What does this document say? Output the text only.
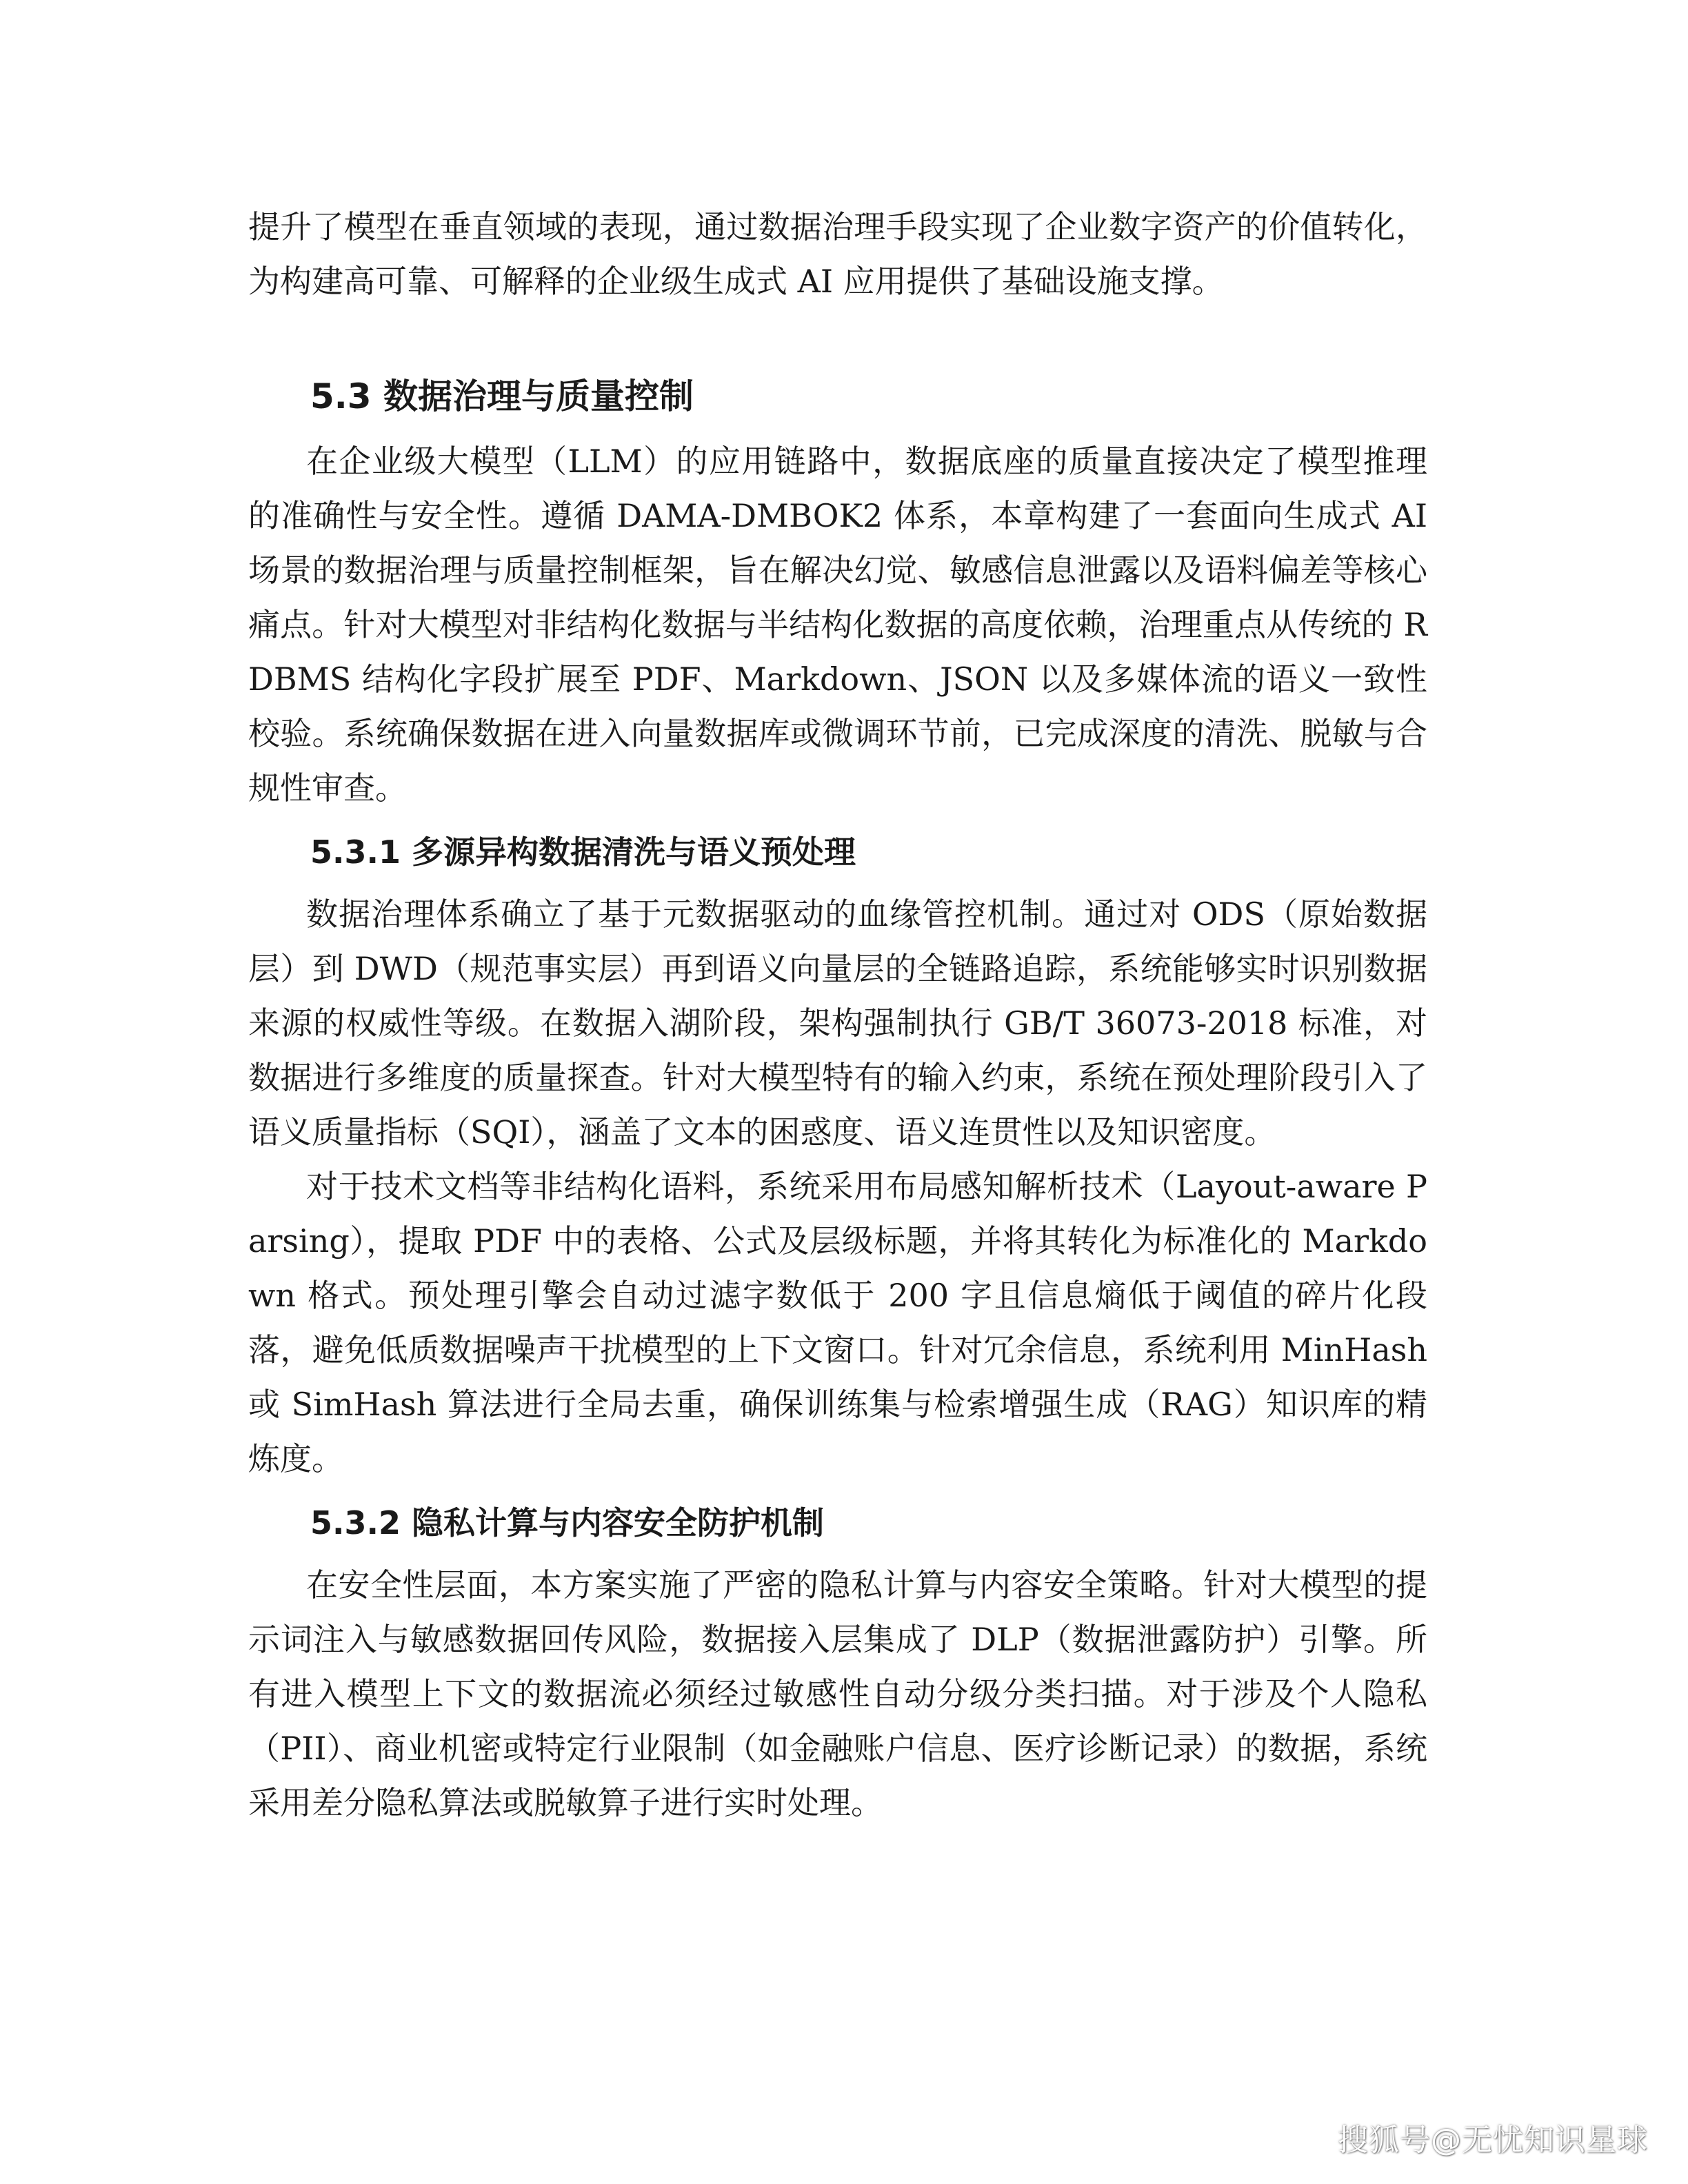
提升了模型在垂直领域的表现，通过数据治理手段实现了企业数字资产的价值转化，为构建高可靠、可解释的企业级生成式 AI 应用提供了基础设施支撑。

5.3 数据治理与质量控制

在企业级大模型（LLM）的应用链路中，数据底座的质量直接决定了模型推理的准确性与安全性。遵循 DAMA-DMBOK2 体系，本章构建了一套面向生成式 AI 场景的数据治理与质量控制框架，旨在解决幻觉、敏感信息泄露以及语料偏差等核心痛点。针对大模型对非结构化数据与半结构化数据的高度依赖，治理重点从传统的 RDBMS 结构化字段扩展至 PDF、Markdown、JSON 以及多媒体流的语义一致性校验。系统确保数据在进入向量数据库或微调环节前，已完成深度的清洗、脱敏与合规性审查。

5.3.1 多源异构数据清洗与语义预处理

数据治理体系确立了基于元数据驱动的血缘管控机制。通过对 ODS（原始数据层）到 DWD（规范事实层）再到语义向量层的全链路追踪，系统能够实时识别数据来源的权威性等级。在数据入湖阶段，架构强制执行 GB/T 36073-2018 标准，对数据进行多维度的质量探查。针对大模型特有的输入约束，系统在预处理阶段引入了语义质量指标（SQI），涵盖了文本的困惑度、语义连贯性以及知识密度。

对于技术文档等非结构化语料，系统采用布局感知解析技术（Layout-aware Parsing），提取 PDF 中的表格、公式及层级标题，并将其转化为标准化的 Markdown 格式。预处理引擎会自动过滤字数低于 200 字且信息熵低于阈值的碎片化段落，避免低质数据噪声干扰模型的上下文窗口。针对冗余信息，系统利用 MinHash 或 SimHash 算法进行全局去重，确保训练集与检索增强生成（RAG）知识库的精炼度。

5.3.2 隐私计算与内容安全防护机制

在安全性层面，本方案实施了严密的隐私计算与内容安全策略。针对大模型的提示词注入与敏感数据回传风险，数据接入层集成了 DLP（数据泄露防护）引擎。所有进入模型上下文的数据流必须经过敏感性自动分级分类扫描。对于涉及个人隐私（PII）、商业机密或特定行业限制（如金融账户信息、医疗诊断记录）的数据，系统采用差分隐私算法或脱敏算子进行实时处理。

搜狐号@无忧知识星球
